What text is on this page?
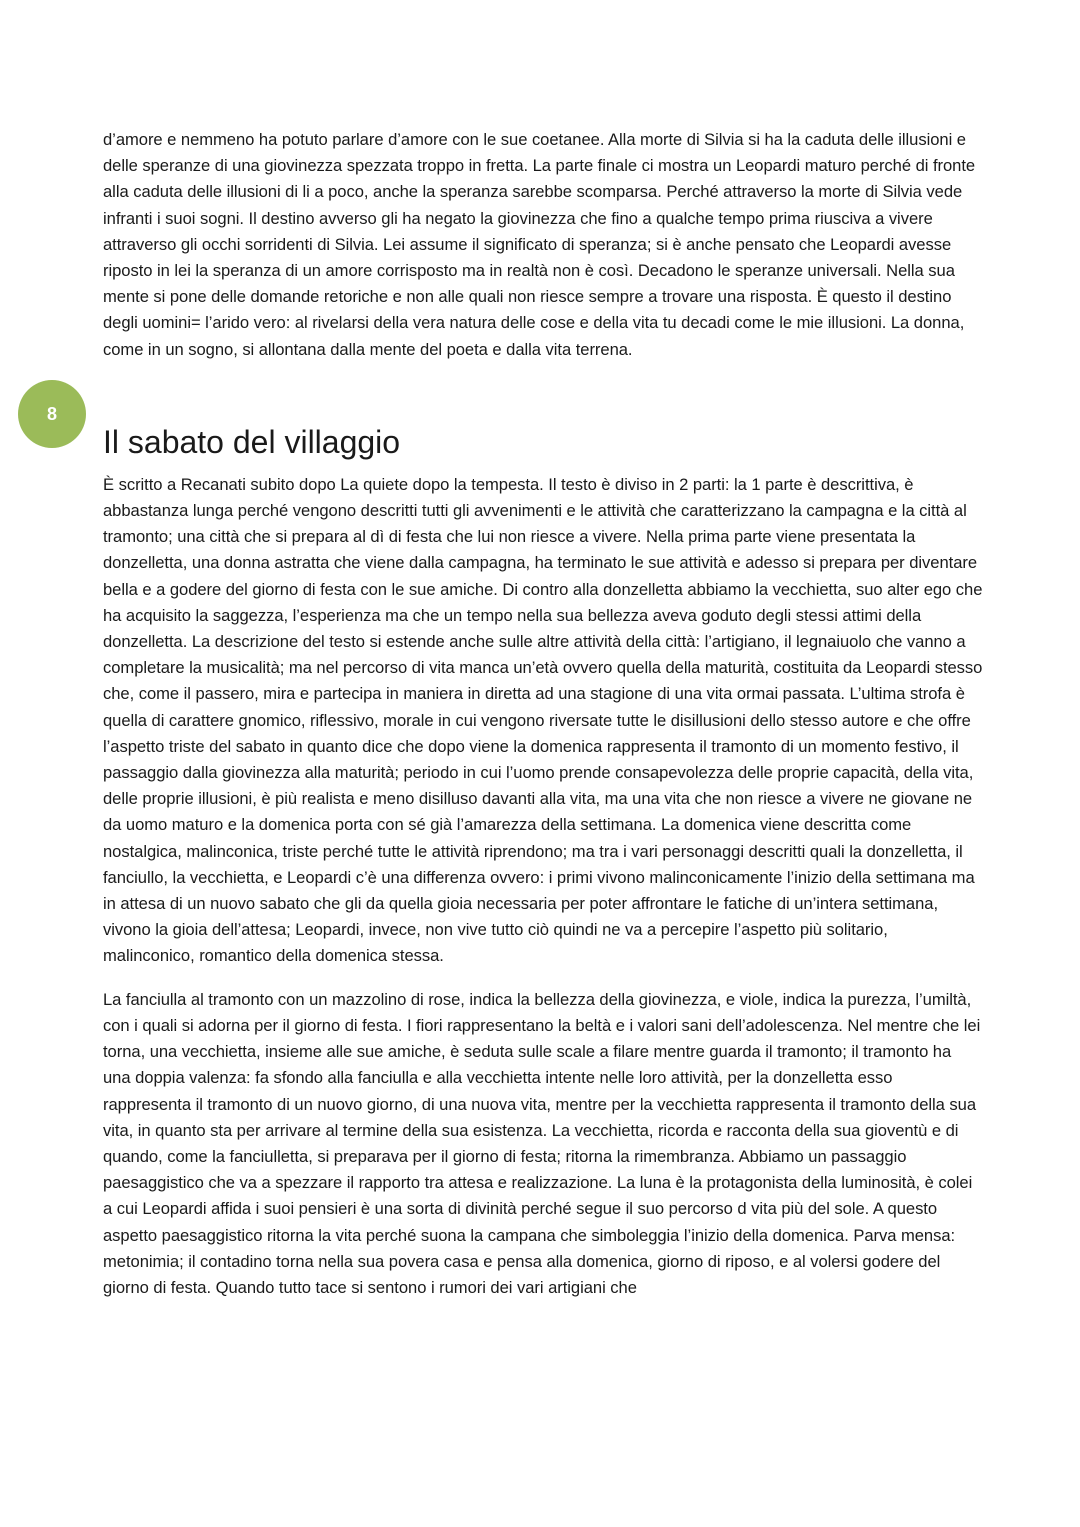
8

d’amore e nemmeno ha potuto parlare d’amore con le sue coetanee. Alla morte di Silvia si ha la caduta delle illusioni e delle speranze di una giovinezza spezzata troppo in fretta. La parte finale ci mostra un Leopardi maturo perché di fronte alla caduta delle illusioni di li a poco, anche la speranza sarebbe scomparsa. Perché attraverso la morte di Silvia vede infranti i suoi sogni. Il destino avverso gli ha negato la giovinezza che fino a qualche tempo prima riusciva a vivere attraverso gli occhi sorridenti di Silvia. Lei assume il significato di speranza; si è anche pensato che Leopardi avesse riposto in lei la speranza di un amore corrisposto ma in realtà non è così. Decadono le speranze universali. Nella sua mente si pone delle domande retoriche e non alle quali non riesce sempre a trovare una risposta. È questo il destino degli uomini= l’arido vero: al rivelarsi della vera natura delle cose e della vita tu decadi come le mie illusioni. La donna, come in un sogno, si allontana dalla mente del poeta e dalla vita terrena.

Il sabato del villaggio

È scritto a Recanati subito dopo La quiete dopo la tempesta. Il testo è diviso in 2 parti: la 1 parte è descrittiva, è abbastanza lunga perché vengono descritti tutti gli avvenimenti e le attività che caratterizzano la campagna e la città al tramonto; una città che si prepara al dì di festa che lui non riesce a vivere. Nella prima parte viene presentata la donzelletta, una donna astratta che viene dalla campagna, ha terminato le sue attività e adesso si prepara per diventare bella e a godere del giorno di festa con le sue amiche. Di contro alla donzelletta abbiamo la vecchietta, suo alter ego che ha acquisito la saggezza, l’esperienza ma che un tempo nella sua bellezza aveva goduto degli stessi attimi della donzelletta. La descrizione del testo si estende anche sulle altre attività della città: l’artigiano, il legnaiuolo che vanno a completare la musicalità; ma nel percorso di vita manca un’età ovvero quella della maturità, costituita da Leopardi stesso che, come il passero, mira e partecipa in maniera in diretta ad una stagione di una vita ormai passata. L’ultima strofa è quella di carattere gnomico, riflessivo, morale in cui vengono riversate tutte le disillusioni dello stesso autore e che offre l’aspetto triste del sabato in quanto dice che dopo viene la domenica rappresenta il tramonto di un momento festivo, il passaggio dalla giovinezza alla maturità; periodo in cui l’uomo prende consapevolezza delle proprie capacità, della vita, delle proprie illusioni, è più realista e meno disilluso davanti alla vita, ma una vita che non riesce a vivere ne giovane ne da uomo maturo e la domenica porta con sé già l’amarezza della settimana. La domenica viene descritta come nostalgica, malinconica, triste perché tutte le attività riprendono; ma tra i vari personaggi descritti quali la donzelletta, il fanciullo, la vecchietta, e Leopardi c’è una differenza ovvero: i primi vivono malinconicamente l’inizio della settimana ma in attesa di un nuovo sabato che gli da quella gioia necessaria per poter affrontare le fatiche di un’intera settimana, vivono la gioia dell’attesa; Leopardi, invece, non vive tutto ciò quindi ne va a percepire l’aspetto più solitario, malinconico, romantico della domenica stessa.

La fanciulla al tramonto con un mazzolino di rose, indica la bellezza della giovinezza, e viole, indica la purezza, l’umiltà, con i quali si adorna per il giorno di festa. I fiori rappresentano la beltà e i valori sani dell’adolescenza. Nel mentre che lei torna, una vecchietta, insieme alle sue amiche, è seduta sulle scale a filare mentre guarda il tramonto; il tramonto ha una doppia valenza: fa sfondo alla fanciulla e alla vecchietta intente nelle loro attività, per la donzelletta esso rappresenta il tramonto di un nuovo giorno, di una nuova vita, mentre per la vecchietta rappresenta il tramonto della sua vita, in quanto sta per arrivare al termine della sua esistenza. La vecchietta, ricorda e racconta della sua gioventù e di quando, come la fanciulletta, si preparava per il giorno di festa; ritorna la rimembranza. Abbiamo un passaggio paesaggistico che va a spezzare il rapporto tra attesa e realizzazione. La luna è la protagonista della luminosità, è colei a cui Leopardi affida i suoi pensieri è una sorta di divinità perché segue il suo percorso d vita più del sole. A questo aspetto paesaggistico ritorna la vita perché suona la campana che simboleggia l’inizio della domenica. Parva mensa: metonimia; il contadino torna nella sua povera casa e pensa alla domenica, giorno di riposo, e al volersi godere del giorno di festa. Quando tutto tace si sentono i rumori dei vari artigiani che
